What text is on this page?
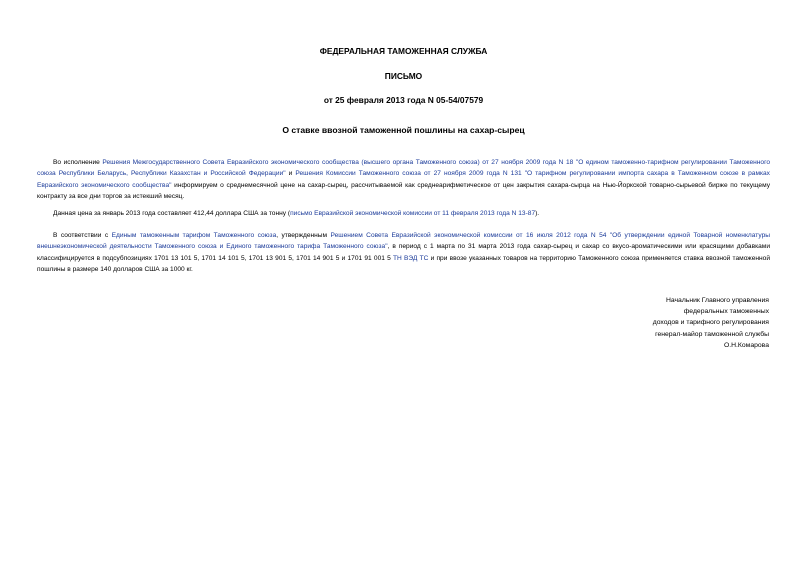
ФЕДЕРАЛЬНАЯ ТАМОЖЕННАЯ СЛУЖБА
ПИСЬМО
от 25 февраля 2013 года N 05-54/07579
О ставке ввозной таможенной пошлины на сахар-сырец

Во исполнение Решения Межгосударственного Совета Евразийского экономического сообщества (высшего органа Таможенного союза) от 27 ноября 2009 года N 18 "О едином таможенно-тарифном регулировании Таможенного союза Республики Беларусь, Республики Казахстан и Российской Федерации" и Решения Комиссии Таможенного союза от 27 ноября 2009 года N 131 "О тарифном регулировании импорта сахара в Таможенном союзе в рамках Евразийского экономического сообщества" информируем о среднемесячной цене на сахар-сырец, рассчитываемой как среднеарифметическое от цен закрытия сахара-сырца на Нью-Йоркской товарно-сырьевой бирже по текущему контракту за все дни торгов за истекший месяц.

Данная цена за январь 2013 года составляет 412,44 доллара США за тонну (письмо Евразийской экономической комиссии от 11 февраля 2013 года N 13-87).

В соответствии с Единым таможенным тарифом Таможенного союза, утвержденным Решением Совета Евразийской экономической комиссии от 16 июля 2012 года N 54 "Об утверждении единой Товарной номенклатуры внешнеэкономической деятельности Таможенного союза и Единого таможенного тарифа Таможенного союза", в период с 1 марта по 31 марта 2013 года сахар-сырец и сахар со вкусо-ароматическими или красящими добавками классифицируется в подсубпозициях 1701 13 101 5, 1701 14 101 5, 1701 13 901 5, 1701 14 901 5 и 1701 91 001 5 ТН ВЭД ТС и при ввозе указанных товаров на территорию Таможенного союза применяется ставка ввозной таможенной пошлины в размере 140 долларов США за 1000 кг.

Начальник Главного управления
федеральных таможенных
доходов и тарифного регулирования
генерал-майор таможенной службы
О.Н.Комарова
